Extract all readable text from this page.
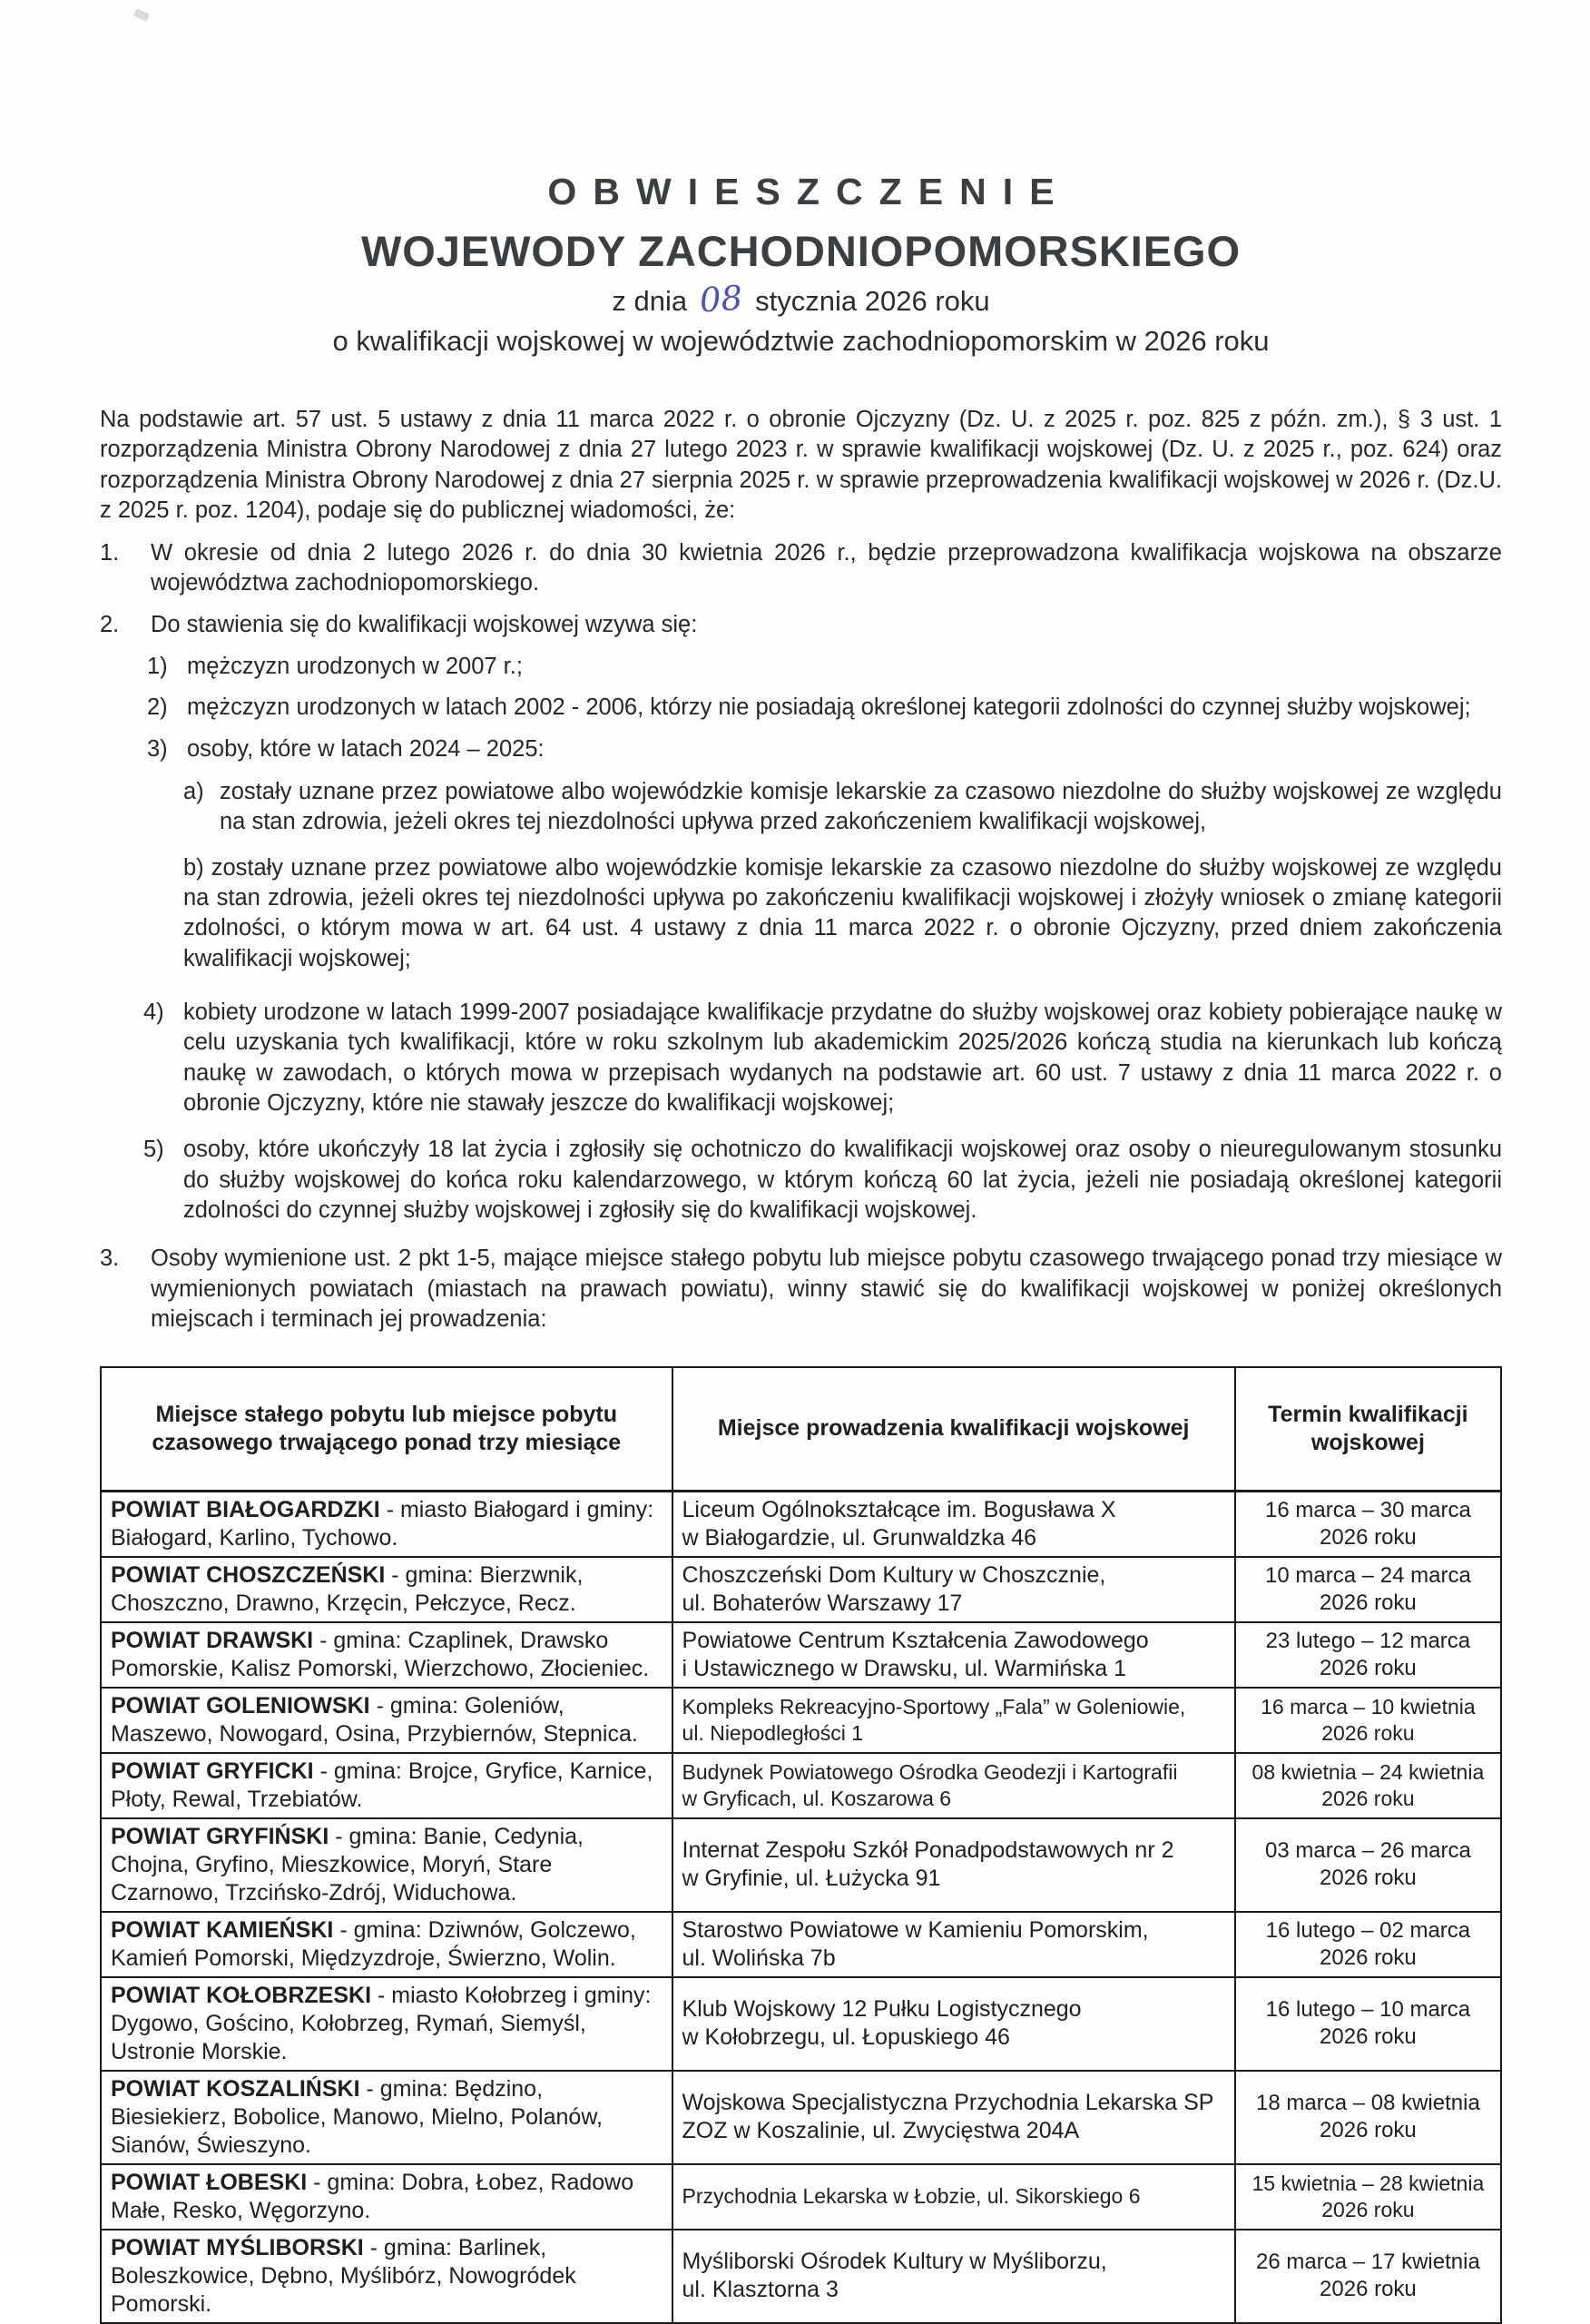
OBWIESZCZENIE
WOJEWODY ZACHODNIOPOMORSKIEGO
z dnia 08 stycznia 2026 roku
o kwalifikacji wojskowej w województwie zachodniopomorskim w 2026 roku

Na podstawie art. 57 ust. 5 ustawy z dnia 11 marca 2022 r. o obronie Ojczyzny (Dz. U. z 2025 r. poz. 825 z późn. zm.), § 3 ust. 1 rozporządzenia Ministra Obrony Narodowej z dnia 27 lutego 2023 r. w sprawie kwalifikacji wojskowej (Dz. U. z 2025 r., poz. 624) oraz rozporządzenia Ministra Obrony Narodowej z dnia 27 sierpnia 2025 r. w sprawie przeprowadzenia kwalifikacji wojskowej w 2026 r. (Dz.U. z 2025 r. poz. 1204), podaje się do publicznej wiadomości, że:

1.	W okresie od dnia 2 lutego 2026 r. do dnia 30 kwietnia 2026 r., będzie przeprowadzona kwalifikacja wojskowa na obszarze województwa zachodniopomorskiego.
2.	Do stawienia się do kwalifikacji wojskowej wzywa się:
1) mężczyzn urodzonych w 2007 r.;
2) mężczyzn urodzonych w latach 2002 - 2006, którzy nie posiadają określonej kategorii zdolności do czynnej służby wojskowej;
3) osoby, które w latach 2024 – 2025:
a) zostały uznane przez powiatowe albo wojewódzkie komisje lekarskie za czasowo niezdolne do służby wojskowej ze względu na stan zdrowia, jeżeli okres tej niezdolności upływa przed zakończeniem kwalifikacji wojskowej,

b) zostały uznane przez powiatowe albo wojewódzkie komisje lekarskie za czasowo niezdolne do służby wojskowej ze względu na stan zdrowia, jeżeli okres tej niezdolności upływa po zakończeniu kwalifikacji wojskowej i złożyły wniosek o zmianę kategorii zdolności, o którym mowa w art. 64 ust. 4 ustawy z dnia 11 marca 2022 r. o obronie Ojczyzny, przed dniem zakończenia kwalifikacji wojskowej;

4) kobiety urodzone w latach 1999-2007 posiadające kwalifikacje przydatne do służby wojskowej oraz kobiety pobierające naukę w celu uzyskania tych kwalifikacji, które w roku szkolnym lub akademickim 2025/2026 kończą studia na kierunkach lub kończą naukę w zawodach, o których mowa w przepisach wydanych na podstawie art. 60 ust. 7 ustawy z dnia 11 marca 2022 r. o obronie Ojczyzny, które nie stawały jeszcze do kwalifikacji wojskowej;
5) osoby, które ukończyły 18 lat życia i zgłosiły się ochotniczo do kwalifikacji wojskowej oraz osoby o nieuregulowanym stosunku do służby wojskowej do końca roku kalendarzowego, w którym kończą 60 lat życia, jeżeli nie posiadają określonej kategorii zdolności do czynnej służby wojskowej i zgłosiły się do kwalifikacji wojskowej.
3.	Osoby wymienione ust. 2 pkt 1-5, mające miejsce stałego pobytu lub miejsce pobytu czasowego trwającego ponad trzy miesiące w wymienionych powiatach (miastach na prawach powiatu), winny stawić się do kwalifikacji wojskowej w poniżej określonych miejscach i terminach jej prowadzenia:
Miejsce stałego pobytu lub miejsce pobytu czasowego trwającego ponad trzy miesiące	Miejsce prowadzenia kwalifikacji wojskowej	Termin kwalifikacji wojskowej
POWIAT BIAŁOGARDZKI - miasto Białogard i gminy: Białogard, Karlino, Tychowo.	Liceum Ogólnokształcące im. Bogusława X
w Białogardzie, ul. Grunwaldzka 46	16 marca – 30 marca
2026 roku
POWIAT CHOSZCZEŃSKI - gmina: Bierzwnik, Choszczno, Drawno, Krzęcin, Pełczyce, Recz.	Choszczeński Dom Kultury w Choszcznie,
ul. Bohaterów Warszawy 17	10 marca – 24 marca
2026 roku
POWIAT DRAWSKI - gmina: Czaplinek, Drawsko Pomorskie, Kalisz Pomorski, Wierzchowo, Złocieniec.	Powiatowe Centrum Kształcenia Zawodowego
i Ustawicznego w Drawsku, ul. Warmińska 1	23 lutego – 12 marca
2026 roku
POWIAT GOLENIOWSKI - gmina: Goleniów, Maszewo, Nowogard, Osina, Przybiernów, Stepnica.	Kompleks Rekreacyjno-Sportowy „Fala” w Goleniowie,
ul. Niepodległości 1	16 marca – 10 kwietnia
2026 roku
POWIAT GRYFICKI - gmina: Brojce, Gryfice, Karnice, Płoty, Rewal, Trzebiatów.	Budynek Powiatowego Ośrodka Geodezji i Kartografii
w Gryficach, ul. Koszarowa 6	08 kwietnia – 24 kwietnia
2026 roku
POWIAT GRYFIŃSKI - gmina: Banie, Cedynia, Chojna, Gryfino, Mieszkowice, Moryń, Stare Czarnowo, Trzcińsko-Zdrój, Widuchowa.	Internat Zespołu Szkół Ponadpodstawowych nr 2
w Gryfinie, ul. Łużycka 91	03 marca – 26 marca
2026 roku
POWIAT KAMIEŃSKI - gmina: Dziwnów, Golczewo, Kamień Pomorski, Międzyzdroje, Świerzno, Wolin.	Starostwo Powiatowe w Kamieniu Pomorskim,
ul. Wolińska 7b	16 lutego – 02 marca
2026 roku
POWIAT KOŁOBRZESKI - miasto Kołobrzeg i gminy: Dygowo, Gościno, Kołobrzeg, Rymań, Siemyśl, Ustronie Morskie.	Klub Wojskowy 12 Pułku Logistycznego
w Kołobrzegu, ul. Łopuskiego 46	16 lutego – 10 marca
2026 roku
POWIAT KOSZALIŃSKI - gmina: Będzino, Biesiekierz, Bobolice, Manowo, Mielno, Polanów, Sianów, Świeszyno.	Wojskowa Specjalistyczna Przychodnia Lekarska SP
ZOZ w Koszalinie, ul. Zwycięstwa 204A	18 marca – 08 kwietnia
2026 roku
POWIAT ŁOBESKI - gmina: Dobra, Łobez, Radowo Małe, Resko, Węgorzyno.	Przychodnia Lekarska w Łobzie, ul. Sikorskiego 6	15 kwietnia – 28 kwietnia
2026 roku
POWIAT MYŚLIBORSKI - gmina: Barlinek, Boleszkowice, Dębno, Myślibórz, Nowogródek Pomorski.	Myśliborski Ośrodek Kultury w Myśliborzu,
ul. Klasztorna 3	26 marca – 17 kwietnia
2026 roku
